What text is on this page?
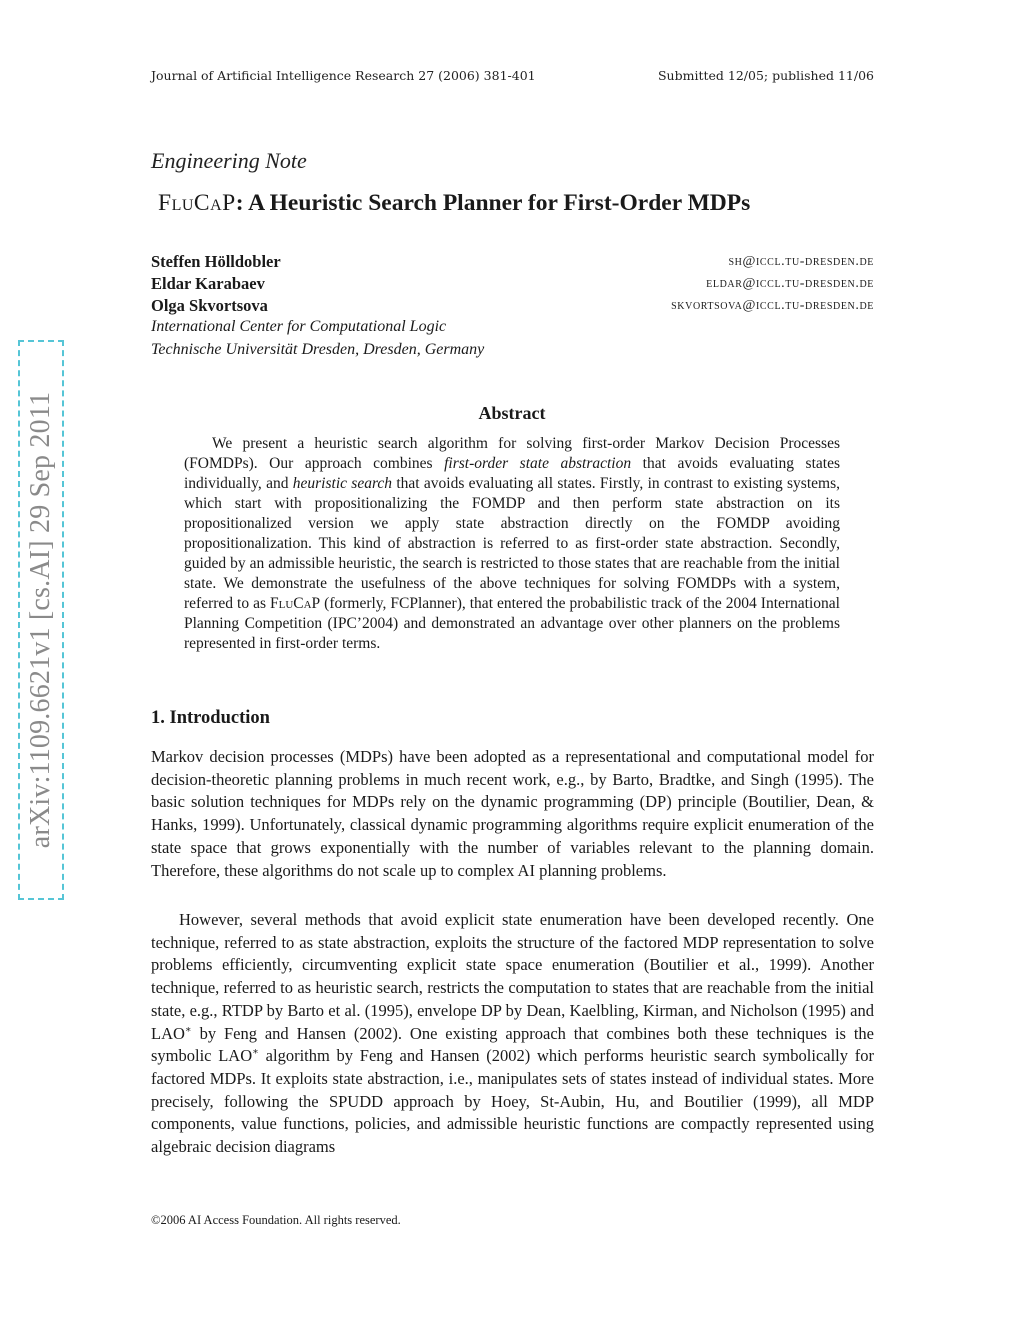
Journal of Artificial Intelligence Research 27 (2006) 381-401	Submitted 12/05; published 11/06
arXiv:1109.6621v1 [cs.AI] 29 Sep 2011
Engineering Note
FluCaP: A Heuristic Search Planner for First-Order MDPs
Steffen Hölldobler	sh@iccl.tu-dresden.de
Eldar Karabaev	eldar@iccl.tu-dresden.de
Olga Skvortsova	skvortsova@iccl.tu-dresden.de
International Center for Computational Logic
Technische Universität Dresden, Dresden, Germany
Abstract
We present a heuristic search algorithm for solving first-order Markov Decision Processes (FOMDPs). Our approach combines first-order state abstraction that avoids evaluating states individually, and heuristic search that avoids evaluating all states. Firstly, in contrast to existing systems, which start with propositionalizing the FOMDP and then perform state abstraction on its propositionalized version we apply state abstraction directly on the FOMDP avoiding propositionalization. This kind of abstraction is referred to as first-order state abstraction. Secondly, guided by an admissible heuristic, the search is restricted to those states that are reachable from the initial state. We demonstrate the usefulness of the above techniques for solving FOMDPs with a system, referred to as FluCaP (formerly, FCPlanner), that entered the probabilistic track of the 2004 International Planning Competition (IPC’2004) and demonstrated an advantage over other planners on the problems represented in first-order terms.
1. Introduction
Markov decision processes (MDPs) have been adopted as a representational and computational model for decision-theoretic planning problems in much recent work, e.g., by Barto, Bradtke, and Singh (1995). The basic solution techniques for MDPs rely on the dynamic programming (DP) principle (Boutilier, Dean, & Hanks, 1999). Unfortunately, classical dynamic programming algorithms require explicit enumeration of the state space that grows exponentially with the number of variables relevant to the planning domain. Therefore, these algorithms do not scale up to complex AI planning problems.
However, several methods that avoid explicit state enumeration have been developed recently. One technique, referred to as state abstraction, exploits the structure of the factored MDP representation to solve problems efficiently, circumventing explicit state space enumeration (Boutilier et al., 1999). Another technique, referred to as heuristic search, restricts the computation to states that are reachable from the initial state, e.g., RTDP by Barto et al. (1995), envelope DP by Dean, Kaelbling, Kirman, and Nicholson (1995) and LAO∗ by Feng and Hansen (2002). One existing approach that combines both these techniques is the symbolic LAO∗ algorithm by Feng and Hansen (2002) which performs heuristic search symbolically for factored MDPs. It exploits state abstraction, i.e., manipulates sets of states instead of individual states. More precisely, following the SPUDD approach by Hoey, St-Aubin, Hu, and Boutilier (1999), all MDP components, value functions, policies, and admissible heuristic functions are compactly represented using algebraic decision diagrams
©2006 AI Access Foundation. All rights reserved.
